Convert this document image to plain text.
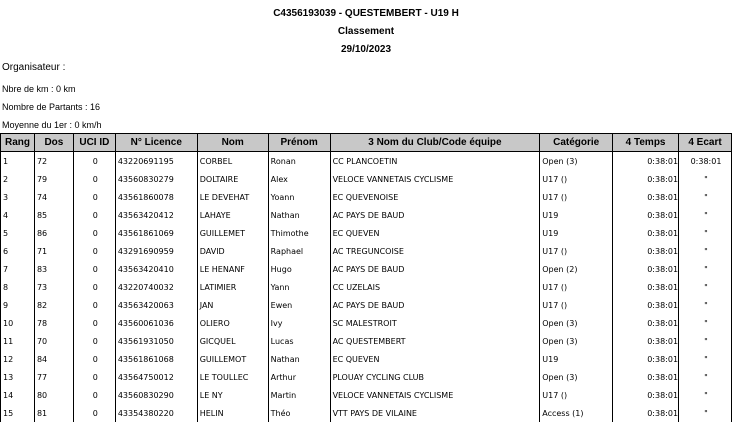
C4356193039 - QUESTEMBERT - U19 H
Classement
29/10/2023
Organisateur :
Nbre de km : 0 km
Nombre de Partants : 16
Moyenne du 1er : 0 km/h
Rang	Dos	UCI ID	N° Licence	Nom	Prénom	3 Nom du Club/Code équipe	Catégorie	4 Temps	4 Ecart
1	72	0	43220691195	CORBEL	Ronan	CC PLANCOETIN	Open (3)	0:38:01	0:38:01
2	79	0	43560830279	DOLTAIRE	Alex	VELOCE VANNETAIS CYCLISME	U17 ()	0:38:01	"
3	74	0	43561860078	LE DEVEHAT	Yoann	EC QUEVENOISE	U17 ()	0:38:01	"
4	85	0	43563420412	LAHAYE	Nathan	AC PAYS DE BAUD	U19	0:38:01	"
5	86	0	43561861069	GUILLEMET	Thimothe	EC QUEVEN	U19	0:38:01	"
6	71	0	43291690959	DAVID	Raphael	AC TREGUNCOISE	U17 ()	0:38:01	"
7	83	0	43563420410	LE HENANF	Hugo	AC PAYS DE BAUD	Open (2)	0:38:01	"
8	73	0	43220740032	LATIMIER	Yann	CC UZELAIS	U17 ()	0:38:01	"
9	82	0	43563420063	JAN	Ewen	AC PAYS DE BAUD	U17 ()	0:38:01	"
10	78	0	43560061036	OLIERO	Ivy	SC MALESTROIT	Open (3)	0:38:01	"
11	70	0	43561931050	GICQUEL	Lucas	AC QUESTEMBERT	Open (3)	0:38:01	"
12	84	0	43561861068	GUILLEMOT	Nathan	EC QUEVEN	U19	0:38:01	"
13	77	0	43564750012	LE TOULLEC	Arthur	PLOUAY CYCLING CLUB	Open (3)	0:38:01	"
14	80	0	43560830290	LE NY	Martin	VELOCE VANNETAIS CYCLISME	U17 ()	0:38:01	"
15	81	0	43354380220	HELIN	Théo	VTT PAYS DE VILAINE	Access (1)	0:38:01	"
